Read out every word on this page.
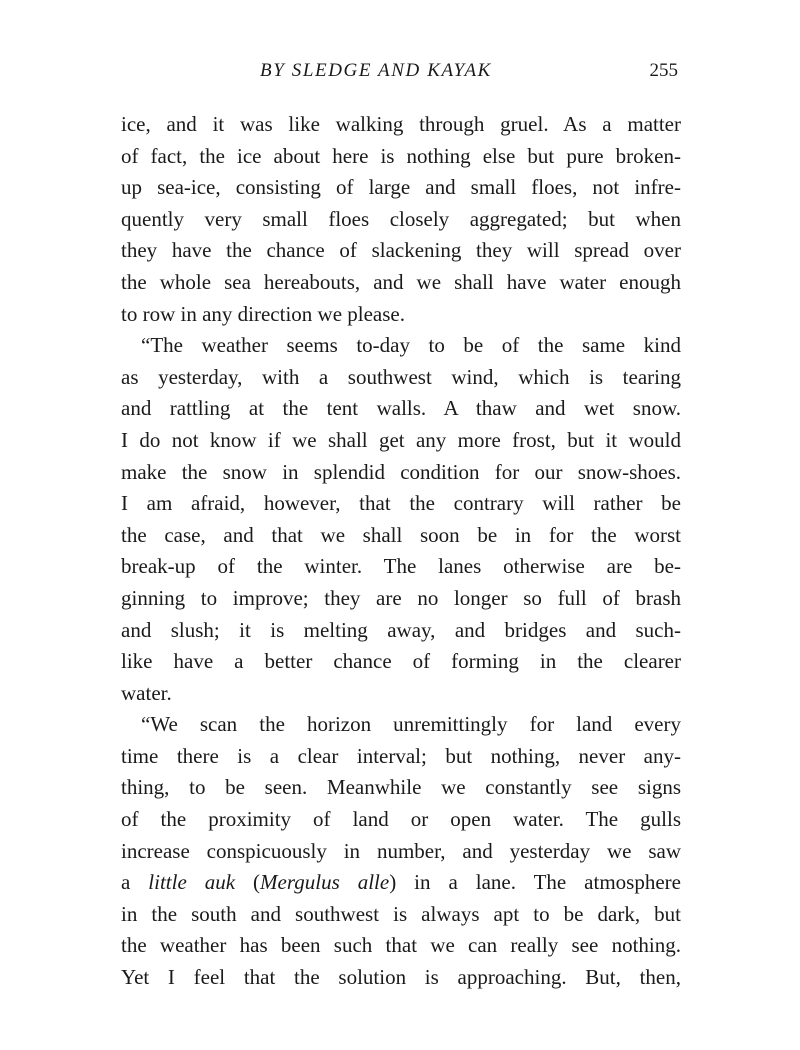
BY SLEDGE AND KAYAK	255
ice, and it was like walking through gruel. As a matter
of fact, the ice about here is nothing else but pure broken-
up sea-ice, consisting of large and small floes, not infre-
quently very small floes closely aggregated; but when
they have the chance of slackening they will spread over
the whole sea hereabouts, and we shall have water enough
to row in any direction we please.
“The weather seems to-day to be of the same kind
as yesterday, with a southwest wind, which is tearing
and rattling at the tent walls. A thaw and wet snow.
I do not know if we shall get any more frost, but it would
make the snow in splendid condition for our snow-shoes.
I am afraid, however, that the contrary will rather be
the case, and that we shall soon be in for the worst
break-up of the winter. The lanes otherwise are be-
ginning to improve; they are no longer so full of brash
and slush; it is melting away, and bridges and such-
like have a better chance of forming in the clearer
water.
“We scan the horizon unremittingly for land every
time there is a clear interval; but nothing, never any-
thing, to be seen. Meanwhile we constantly see signs
of the proximity of land or open water. The gulls
increase conspicuously in number, and yesterday we saw
a little auk (Mergulus alle) in a lane. The atmosphere
in the south and southwest is always apt to be dark, but
the weather has been such that we can really see nothing.
Yet I feel that the solution is approaching. But, then,
